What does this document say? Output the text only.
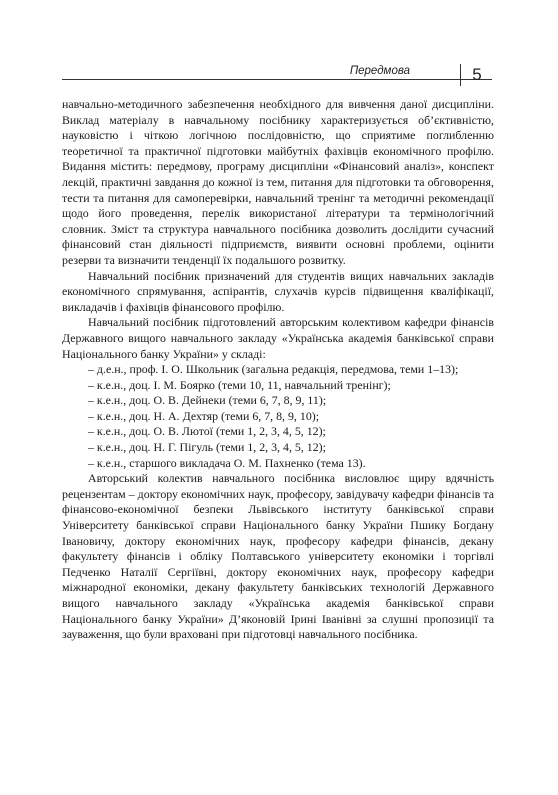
Передмова	5

навчально-методичного забезпечення необхідного для вивчення даної дисципліни. Виклад матеріалу в навчальному посібнику характеризується об’єктивністю, науковістю і чіткою логічною послідовністю, що сприятиме поглибленню теоретичної та практичної підготовки майбутніх фахівців економічного профілю. Видання містить: передмову, програму дисципліни «Фінансовий аналіз», конспект лекцій, практичні завдання до кожної із тем, питання для підготовки та обговорення, тести та питання для самоперевірки, навчальний тренінг та методичні рекомендації щодо його проведення, перелік використаної літератури та термінологічний словник. Зміст та структура навчального посібника дозволить дослідити сучасний фінансовий стан діяльності підприємств, виявити основні проблеми, оцінити резерви та визначити тенденції їх подальшого розвитку.

Навчальний посібник призначений для студентів вищих навчальних закладів економічного спрямування, аспірантів, слухачів курсів підвищення кваліфікації, викладачів і фахівців фінансового профілю.

Навчальний посібник підготовлений авторським колективом кафедри фінансів Державного вищого навчального закладу «Українська академія банківської справи Національного банку України» у складі:

– д.е.н., проф. І. О. Школьник (загальна редакція, передмова, теми 1–13);

– к.е.н., доц. І. М. Боярко (теми 10, 11, навчальний тренінг);

– к.е.н., доц. О. В. Дейнеки (теми 6, 7, 8, 9, 11);

– к.е.н., доц. Н. А. Дехтяр (теми 6, 7, 8, 9, 10);

– к.е.н., доц. О. В. Лютої (теми 1, 2, 3, 4, 5, 12);

– к.е.н., доц. Н. Г. Пігуль (теми 1, 2, 3, 4, 5, 12);

– к.е.н., старшого викладача О. М. Пахненко (тема 13).

Авторський колектив навчального посібника висловлює щиру вдячність рецензентам – доктору економічних наук, професору, завідувачу кафедри фінансів та фінансово-економічної безпеки Львівського інституту банківської справи Університету банківської справи Національного банку України Пшику Богдану Івановичу, доктору економічних наук, професору кафедри фінансів, декану факультету фінансів і обліку Полтавського університету економіки і торгівлі Педченко Наталії Сергіївні, доктору економічних наук, професору кафедри міжнародної економіки, декану факультету банківських технологій Державного вищого навчального закладу «Українська академія банківської справи Національного банку України» Д’яконовій Ірині Іванівні за слушні пропозиції та зауваження, що були враховані при підготовці навчального посібника.
